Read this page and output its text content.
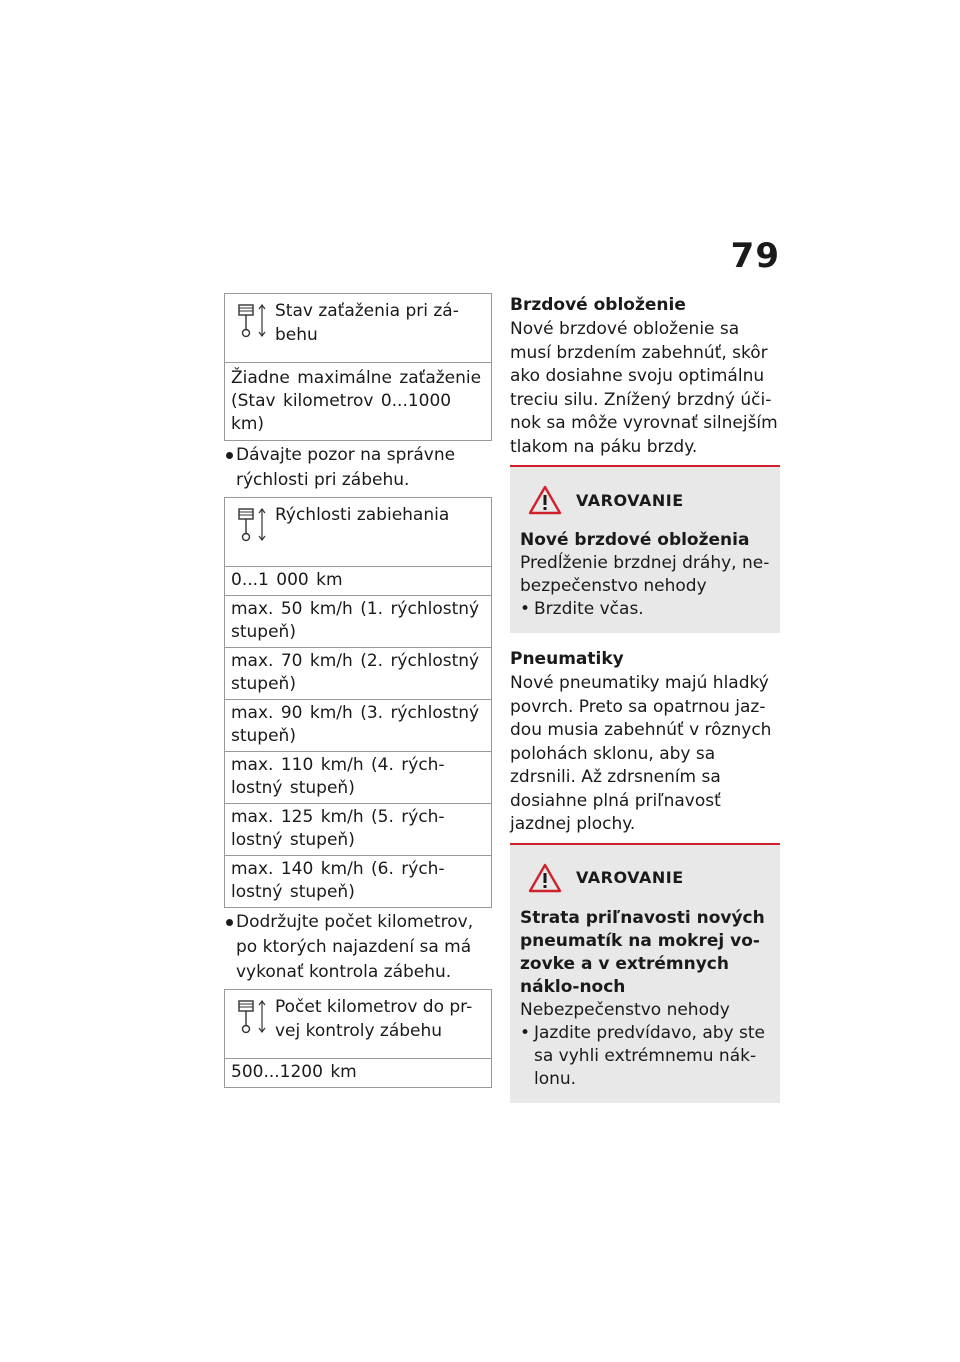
79
Stav zaťaženia pri zá-behu
Žiadne maximálne zaťaženie (Stav kilometrov 0...1000 km)
Dávajte pozor na správne rýchlosti pri zábehu.
Rýchlosti zabiehania
0...1 000 km
max. 50 km/h (1. rýchlostný stupeň)
max. 70 km/h (2. rýchlostný stupeň)
max. 90 km/h (3. rýchlostný stupeň)
max. 110 km/h (4. rých-lostný stupeň)
max. 125 km/h (5. rých-lostný stupeň)
max. 140 km/h (6. rých-lostný stupeň)
Dodržujte počet kilometrov, po ktorých najazdení sa má vykonať kontrola zábehu.
Počet kilometrov do pr-vej kontroly zábehu
500...1200 km
Brzdové obloženie

Nové brzdové obloženie sa musí brzdením zabehnúť, skôr ako dosiahne svoju optimálnu treciu silu. Znížený brzdný úči-nok sa môže vyrovnať silnejším tlakom na páku brzdy.

VAROVANIE
Nové brzdové obloženia
Predĺženie brzdnej dráhy, ne-bezpečenstvo nehody
• Brzdite včas.
Pneumatiky

Nové pneumatiky majú hladký povrch. Preto sa opatrnou jaz-dou musia zabehnúť v rôznych polohách sklonu, aby sa zdrsnili. Až zdrsnením sa dosiahne plná priľnavosť jazdnej plochy.

VAROVANIE
Strata priľnavosti nových pneumatík na mokrej vo-zovke a v extrémnych náklo-noch
Nebezpečenstvo nehody
• Jazdite predvídavo, aby ste sa vyhli extrémnemu nák-lonu.
